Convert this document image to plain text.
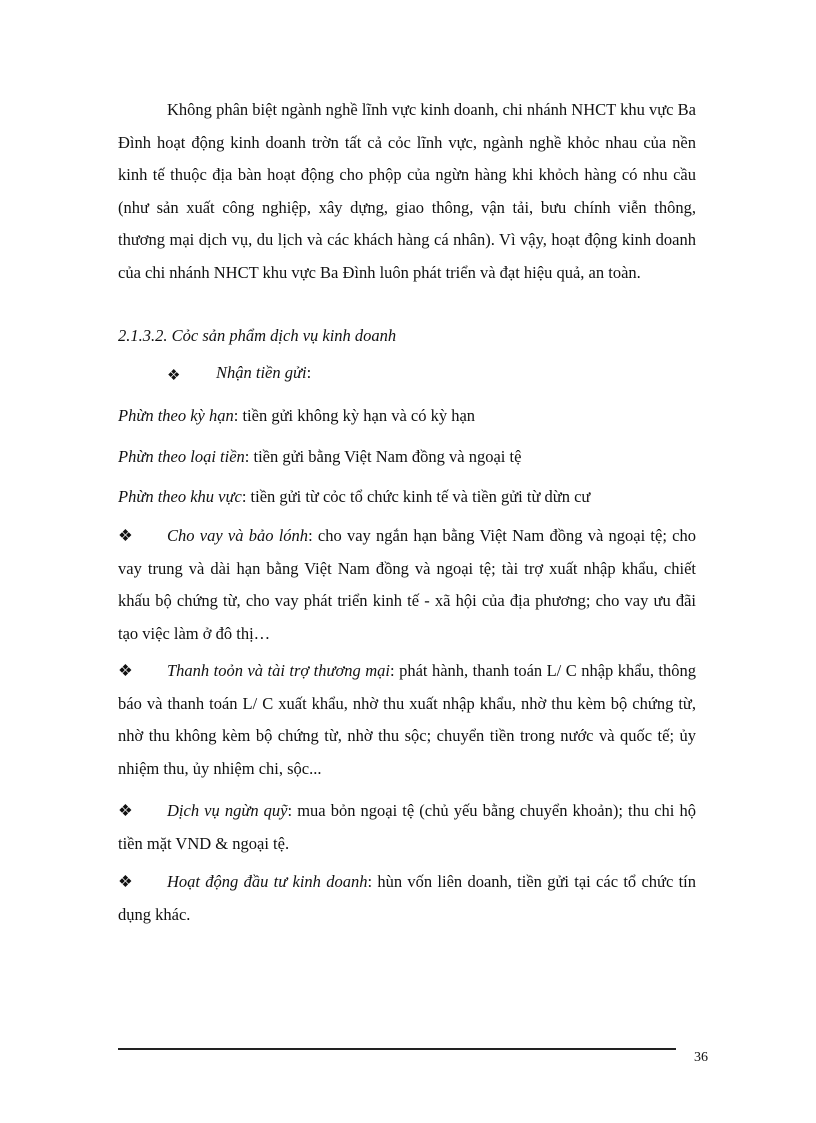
Không phân biệt ngành nghề lĩnh vực kinh doanh, chi nhánh NHCT khu vực Ba Đình hoạt động kinh doanh trờn tất cả cỏc lĩnh vực, ngành nghề khỏc nhau của nền kinh tế thuộc địa bàn hoạt động cho phộp của ngừn hàng khi khỏch hàng có nhu cầu (như sản xuất công nghiệp, xây dựng, giao thông, vận tải, bưu chính viễn thông, thương mại dịch vụ, du lịch và các khách hàng cá nhân). Vì vậy, hoạt động kinh doanh của chi nhánh NHCT khu vực Ba Đình luôn phát triển và đạt hiệu quả, an toàn.

2.1.3.2. Cỏc sản phẩm dịch vụ kinh doanh

❖ Nhận tiền gửi:

Phừn theo kỳ hạn: tiền gửi không kỳ hạn và có kỳ hạn

Phừn theo loại tiền: tiền gửi bằng Việt Nam đồng và ngoại tệ

Phừn theo khu vực: tiền gửi từ cỏc tổ chức kinh tế và tiền gửi từ dừn cư

❖ Cho vay và bảo lónh: cho vay ngắn hạn bằng Việt Nam đồng và ngoại tệ; cho vay trung và dài hạn bằng Việt Nam đồng và ngoại tệ; tài trợ xuất nhập khẩu, chiết khấu bộ chứng từ, cho vay phát triển kinh tế - xã hội của địa phương; cho vay ưu đãi tạo việc làm ở đô thị…

❖ Thanh toỏn và tài trợ thương mại: phát hành, thanh toán L/ C nhập khẩu, thông báo và thanh toán L/ C xuất khẩu, nhờ thu xuất nhập khẩu, nhờ thu kèm bộ chứng từ, nhờ thu không kèm bộ chứng từ, nhờ thu sộc; chuyển tiền trong nước và quốc tế; ủy nhiệm thu, ủy nhiệm chi, sộc...

❖ Dịch vụ ngừn quỹ: mua bỏn ngoại tệ (chủ yếu bằng chuyển khoản); thu chi hộ tiền mặt VND & ngoại tệ.

❖ Hoạt động đầu tư kinh doanh: hùn vốn liên doanh, tiền gửi tại các tổ chức tín dụng khác.

36
